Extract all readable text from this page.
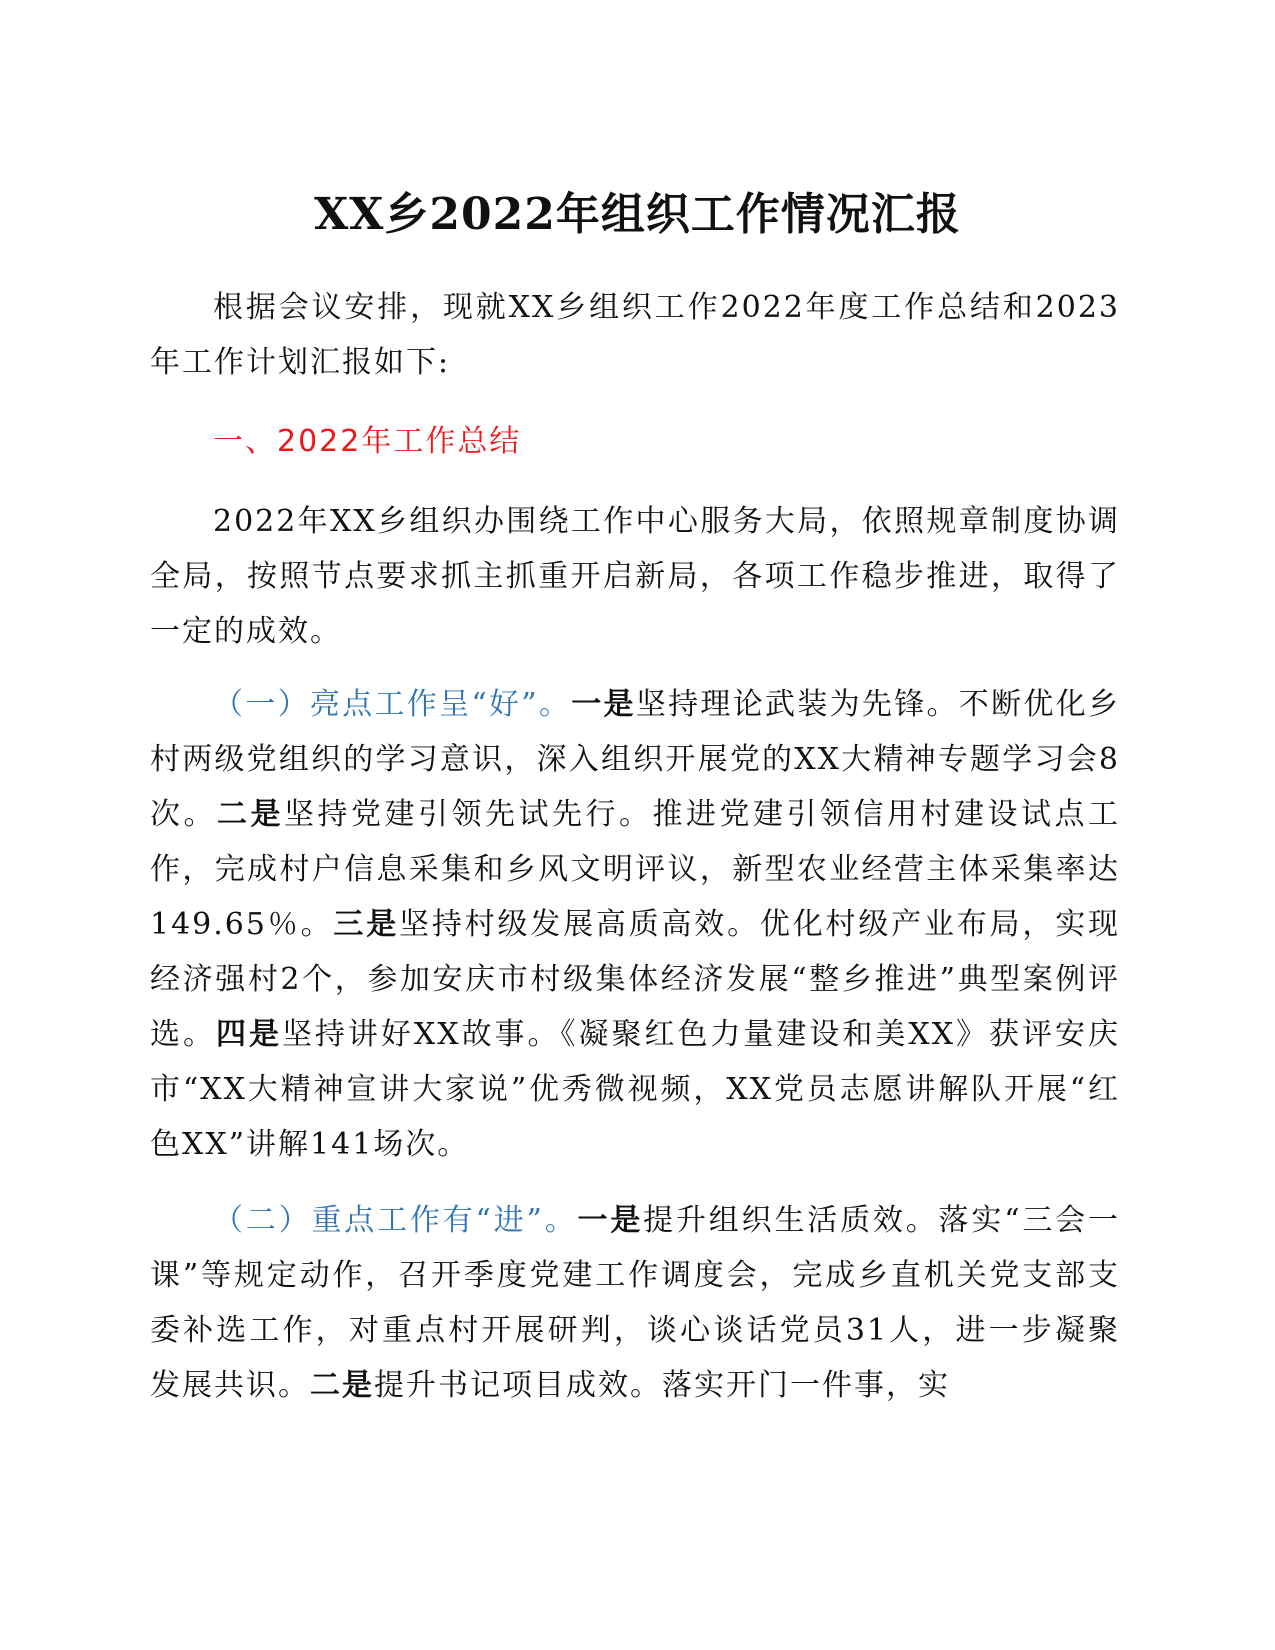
XX乡2022年组织工作情况汇报

根据会议安排，现就XX乡组织工作2022年度工作总结和2023年工作计划汇报如下:

一、2022年工作总结

2022年XX乡组织办围绕工作中心服务大局，依照规章制度协调全局，按照节点要求抓主抓重开启新局，各项工作稳步推进，取得了一定的成效。

（一）亮点工作呈“好”。一是坚持理论武装为先锋。不断优化乡村两级党组织的学习意识，深入组织开展党的XX大精神专题学习会8次。二是坚持党建引领先试先行。推进党建引领信用村建设试点工作，完成村户信息采集和乡风文明评议，新型农业经营主体采集率达149.65％。三是坚持村级发展高质高效。优化村级产业布局，实现经济强村2个，参加安庆市村级集体经济发展“整乡推进”典型案例评选。四是坚持讲好XX故事。《凝聚红色力量建设和美XX》获评安庆市“XX大精神宣讲大家说”优秀微视频，XX党员志愿讲解队开展“红色XX”讲解141场次。

（二）重点工作有“进”。一是提升组织生活质效。落实“三会一课”等规定动作，召开季度党建工作调度会，完成乡直机关党支部支委补选工作，对重点村开展研判，谈心谈话党员31人，进一步凝聚发展共识。二是提升书记项目成效。落实开门一件事，实
